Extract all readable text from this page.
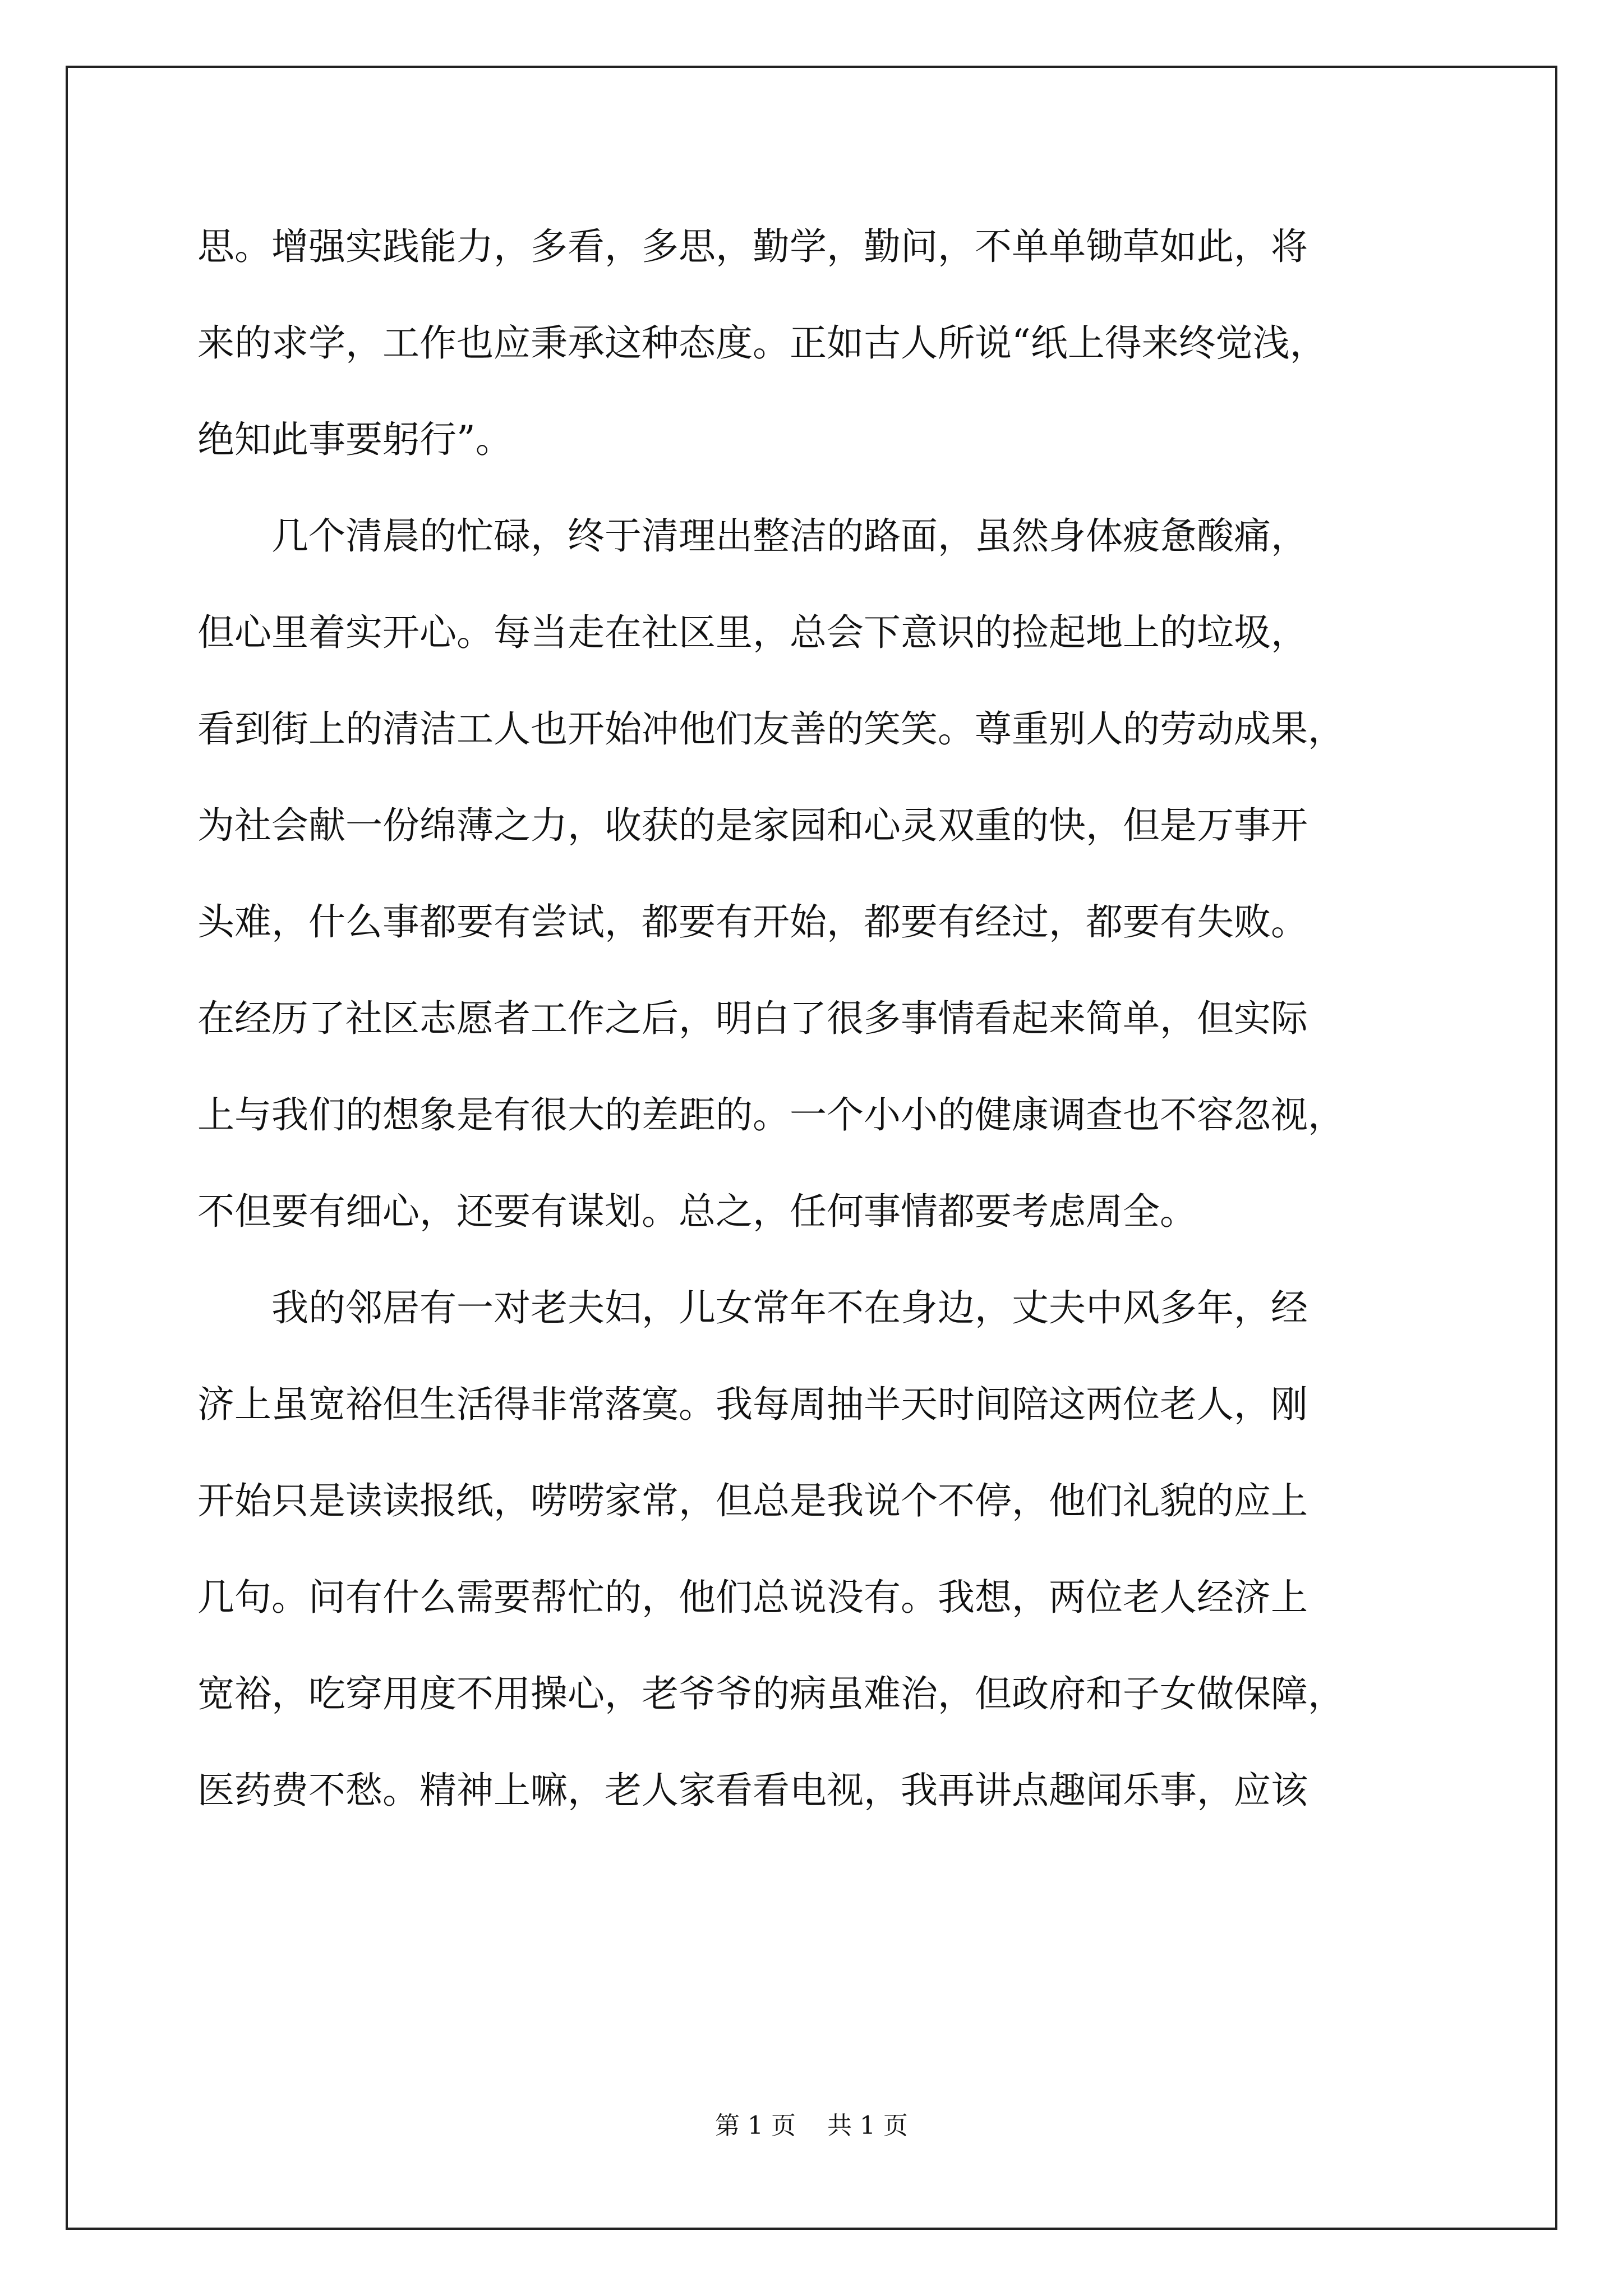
思。增强实践能力，多看，多思，勤学，勤问，不单单锄草如此，将
来的求学，工作也应秉承这种态度。正如古人所说“纸上得来终觉浅，
绝知此事要躬行”。
几个清晨的忙碌，终于清理出整洁的路面，虽然身体疲惫酸痛，
但心里着实开心。每当走在社区里，总会下意识的捡起地上的垃圾，
看到街上的清洁工人也开始冲他们友善的笑笑。尊重别人的劳动成果，
为社会献一份绵薄之力，收获的是家园和心灵双重的快，但是万事开
头难，什么事都要有尝试，都要有开始，都要有经过，都要有失败。
在经历了社区志愿者工作之后，明白了很多事情看起来简单，但实际
上与我们的想象是有很大的差距的。一个小小的健康调查也不容忽视，
不但要有细心，还要有谋划。总之，任何事情都要考虑周全。
我的邻居有一对老夫妇，儿女常年不在身边，丈夫中风多年，经
济上虽宽裕但生活得非常落寞。我每周抽半天时间陪这两位老人，刚
开始只是读读报纸，唠唠家常，但总是我说个不停，他们礼貌的应上
几句。问有什么需要帮忙的，他们总说没有。我想，两位老人经济上
宽裕，吃穿用度不用操心，老爷爷的病虽难治，但政府和子女做保障，
医药费不愁。精神上嘛，老人家看看电视，我再讲点趣闻乐事，应该
第 1 页 共 1 页
